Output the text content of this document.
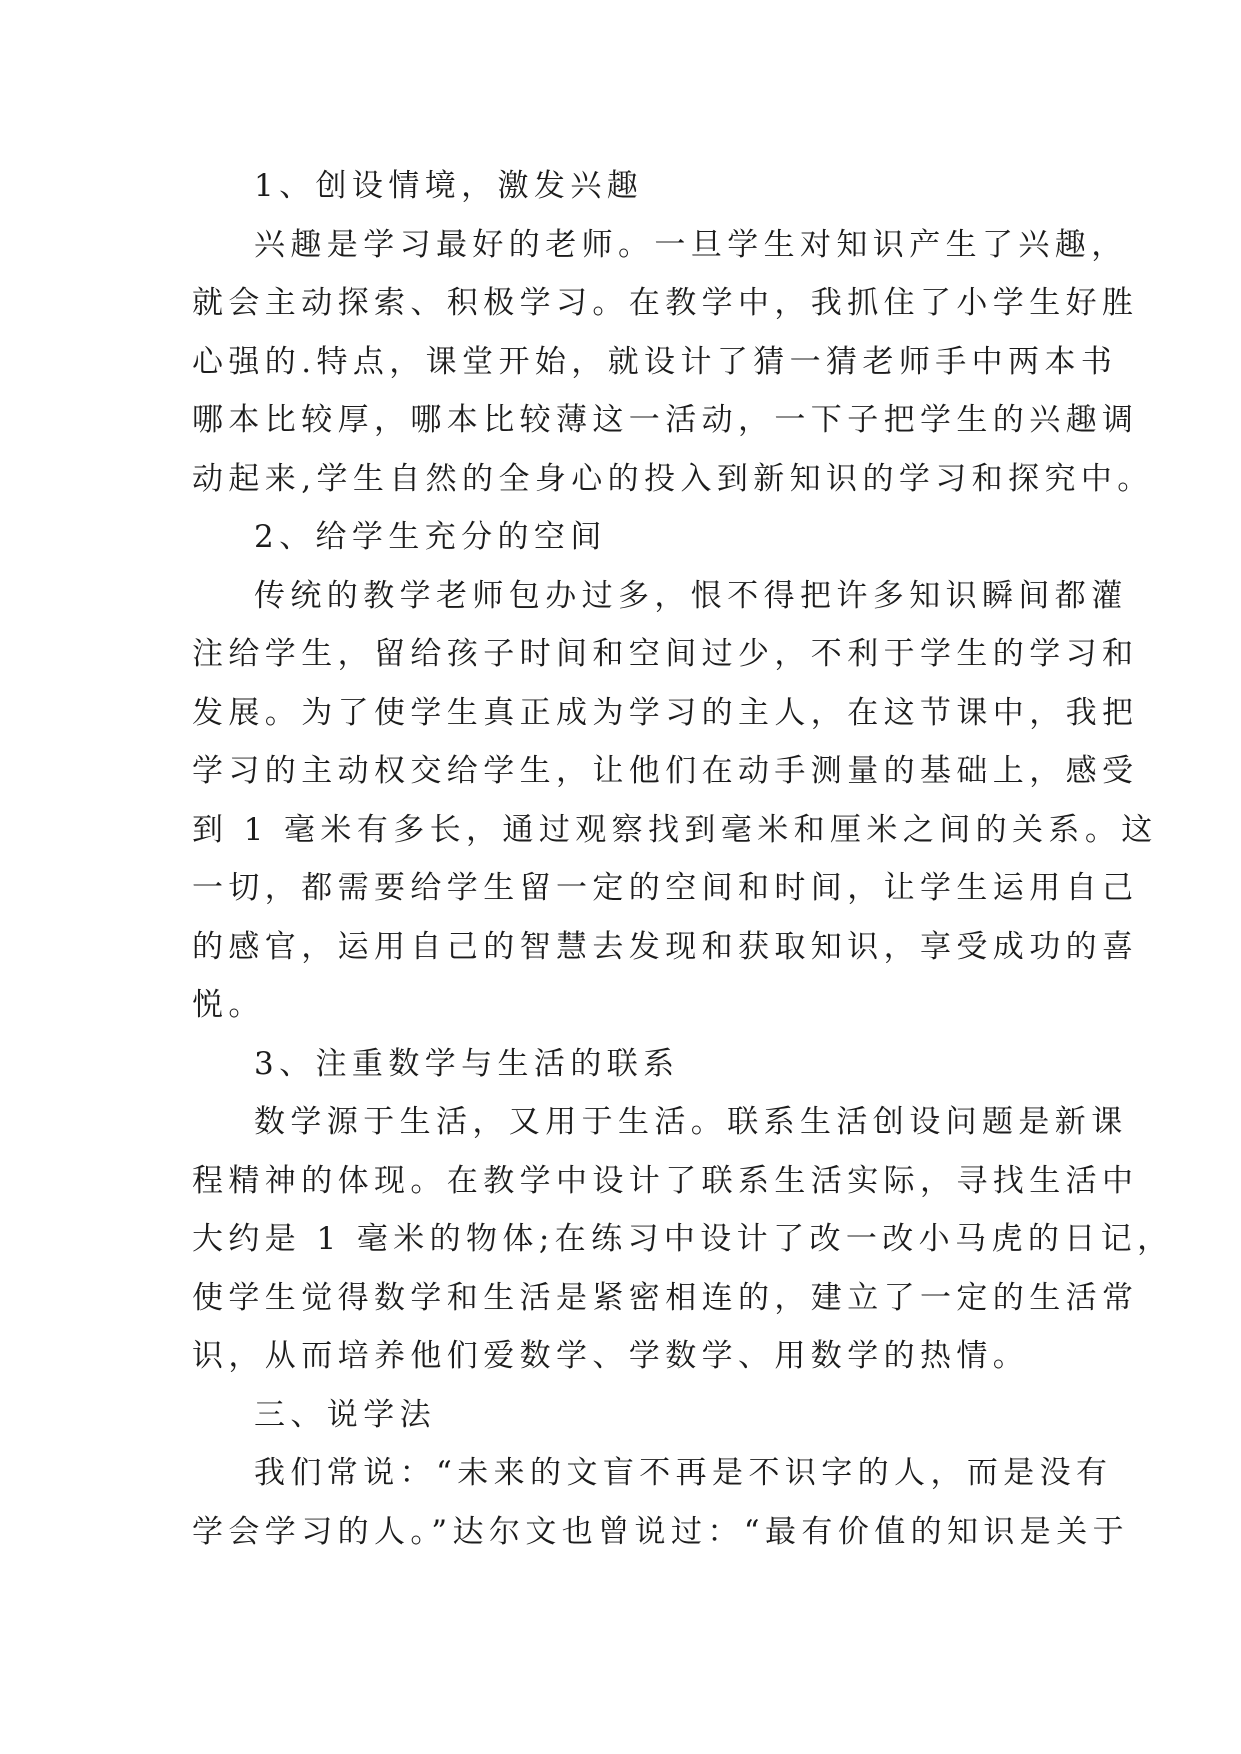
1、创设情境，激发兴趣
兴趣是学习最好的老师。一旦学生对知识产生了兴趣，
就会主动探索、积极学习。在教学中，我抓住了小学生好胜
心强的.特点，课堂开始，就设计了猜一猜老师手中两本书
哪本比较厚，哪本比较薄这一活动，一下子把学生的兴趣调
动起来,学生自然的全身心的投入到新知识的学习和探究中。
2、给学生充分的空间
传统的教学老师包办过多，恨不得把许多知识瞬间都灌
注给学生，留给孩子时间和空间过少，不利于学生的学习和
发展。为了使学生真正成为学习的主人，在这节课中，我把
学习的主动权交给学生，让他们在动手测量的基础上，感受
到 1 毫米有多长，通过观察找到毫米和厘米之间的关系。这
一切，都需要给学生留一定的空间和时间，让学生运用自己
的感官，运用自己的智慧去发现和获取知识，享受成功的喜
悦。
3、注重数学与生活的联系
数学源于生活，又用于生活。联系生活创设问题是新课
程精神的体现。在教学中设计了联系生活实际，寻找生活中
大约是 1 毫米的物体;在练习中设计了改一改小马虎的日记，
使学生觉得数学和生活是紧密相连的，建立了一定的生活常
识，从而培养他们爱数学、学数学、用数学的热情。
三、说学法
我们常说：“未来的文盲不再是不识字的人，而是没有
学会学习的人。”达尔文也曾说过：“最有价值的知识是关于
